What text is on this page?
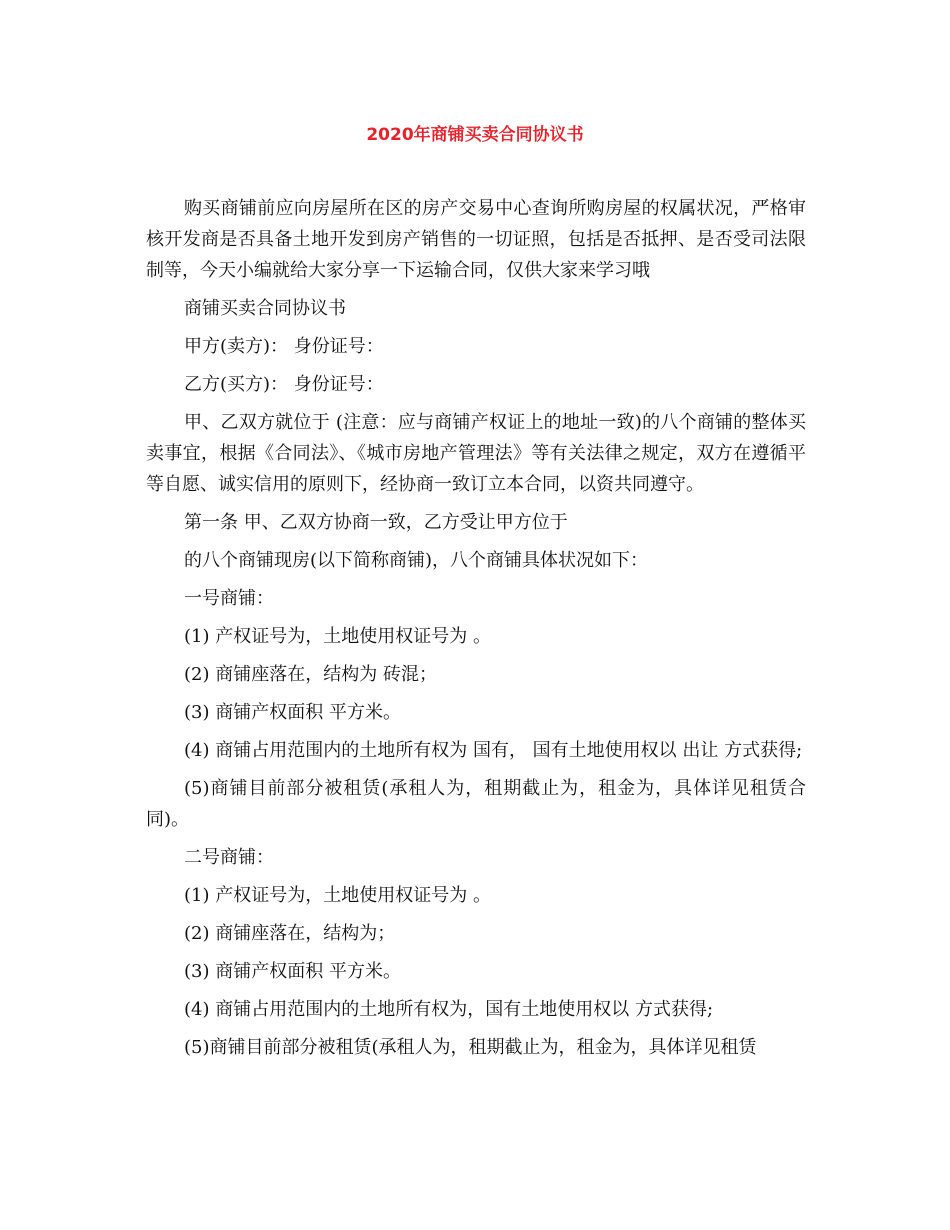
2020年商铺买卖合同协议书

购买商铺前应向房屋所在区的房产交易中心查询所购房屋的权属状况，严格审核开发商是否具备土地开发到房产销售的一切证照，包括是否抵押、是否受司法限制等，今天小编就给大家分享一下运输合同，仅供大家来学习哦

商铺买卖合同协议书

甲方(卖方)： 身份证号：

乙方(买方)： 身份证号：

甲、乙双方就位于 (注意：应与商铺产权证上的地址一致)的八个商铺的整体买卖事宜，根据《合同法》、《城市房地产管理法》等有关法律之规定，双方在遵循平等自愿、诚实信用的原则下，经协商一致订立本合同，以资共同遵守。

第一条 甲、乙双方协商一致，乙方受让甲方位于

的八个商铺现房(以下简称商铺)，八个商铺具体状况如下：

一号商铺：

(1) 产权证号为，土地使用权证号为 。

(2) 商铺座落在，结构为 砖混；

(3) 商铺产权面积 平方米。

(4) 商铺占用范围内的土地所有权为 国有， 国有土地使用权以 出让 方式获得;

(5)商铺目前部分被租赁(承租人为，租期截止为，租金为，具体详见租赁合同)。

二号商铺：

(1) 产权证号为，土地使用权证号为 。

(2) 商铺座落在，结构为；

(3) 商铺产权面积 平方米。

(4) 商铺占用范围内的土地所有权为，国有土地使用权以 方式获得;

(5)商铺目前部分被租赁(承租人为，租期截止为，租金为，具体详见租赁
